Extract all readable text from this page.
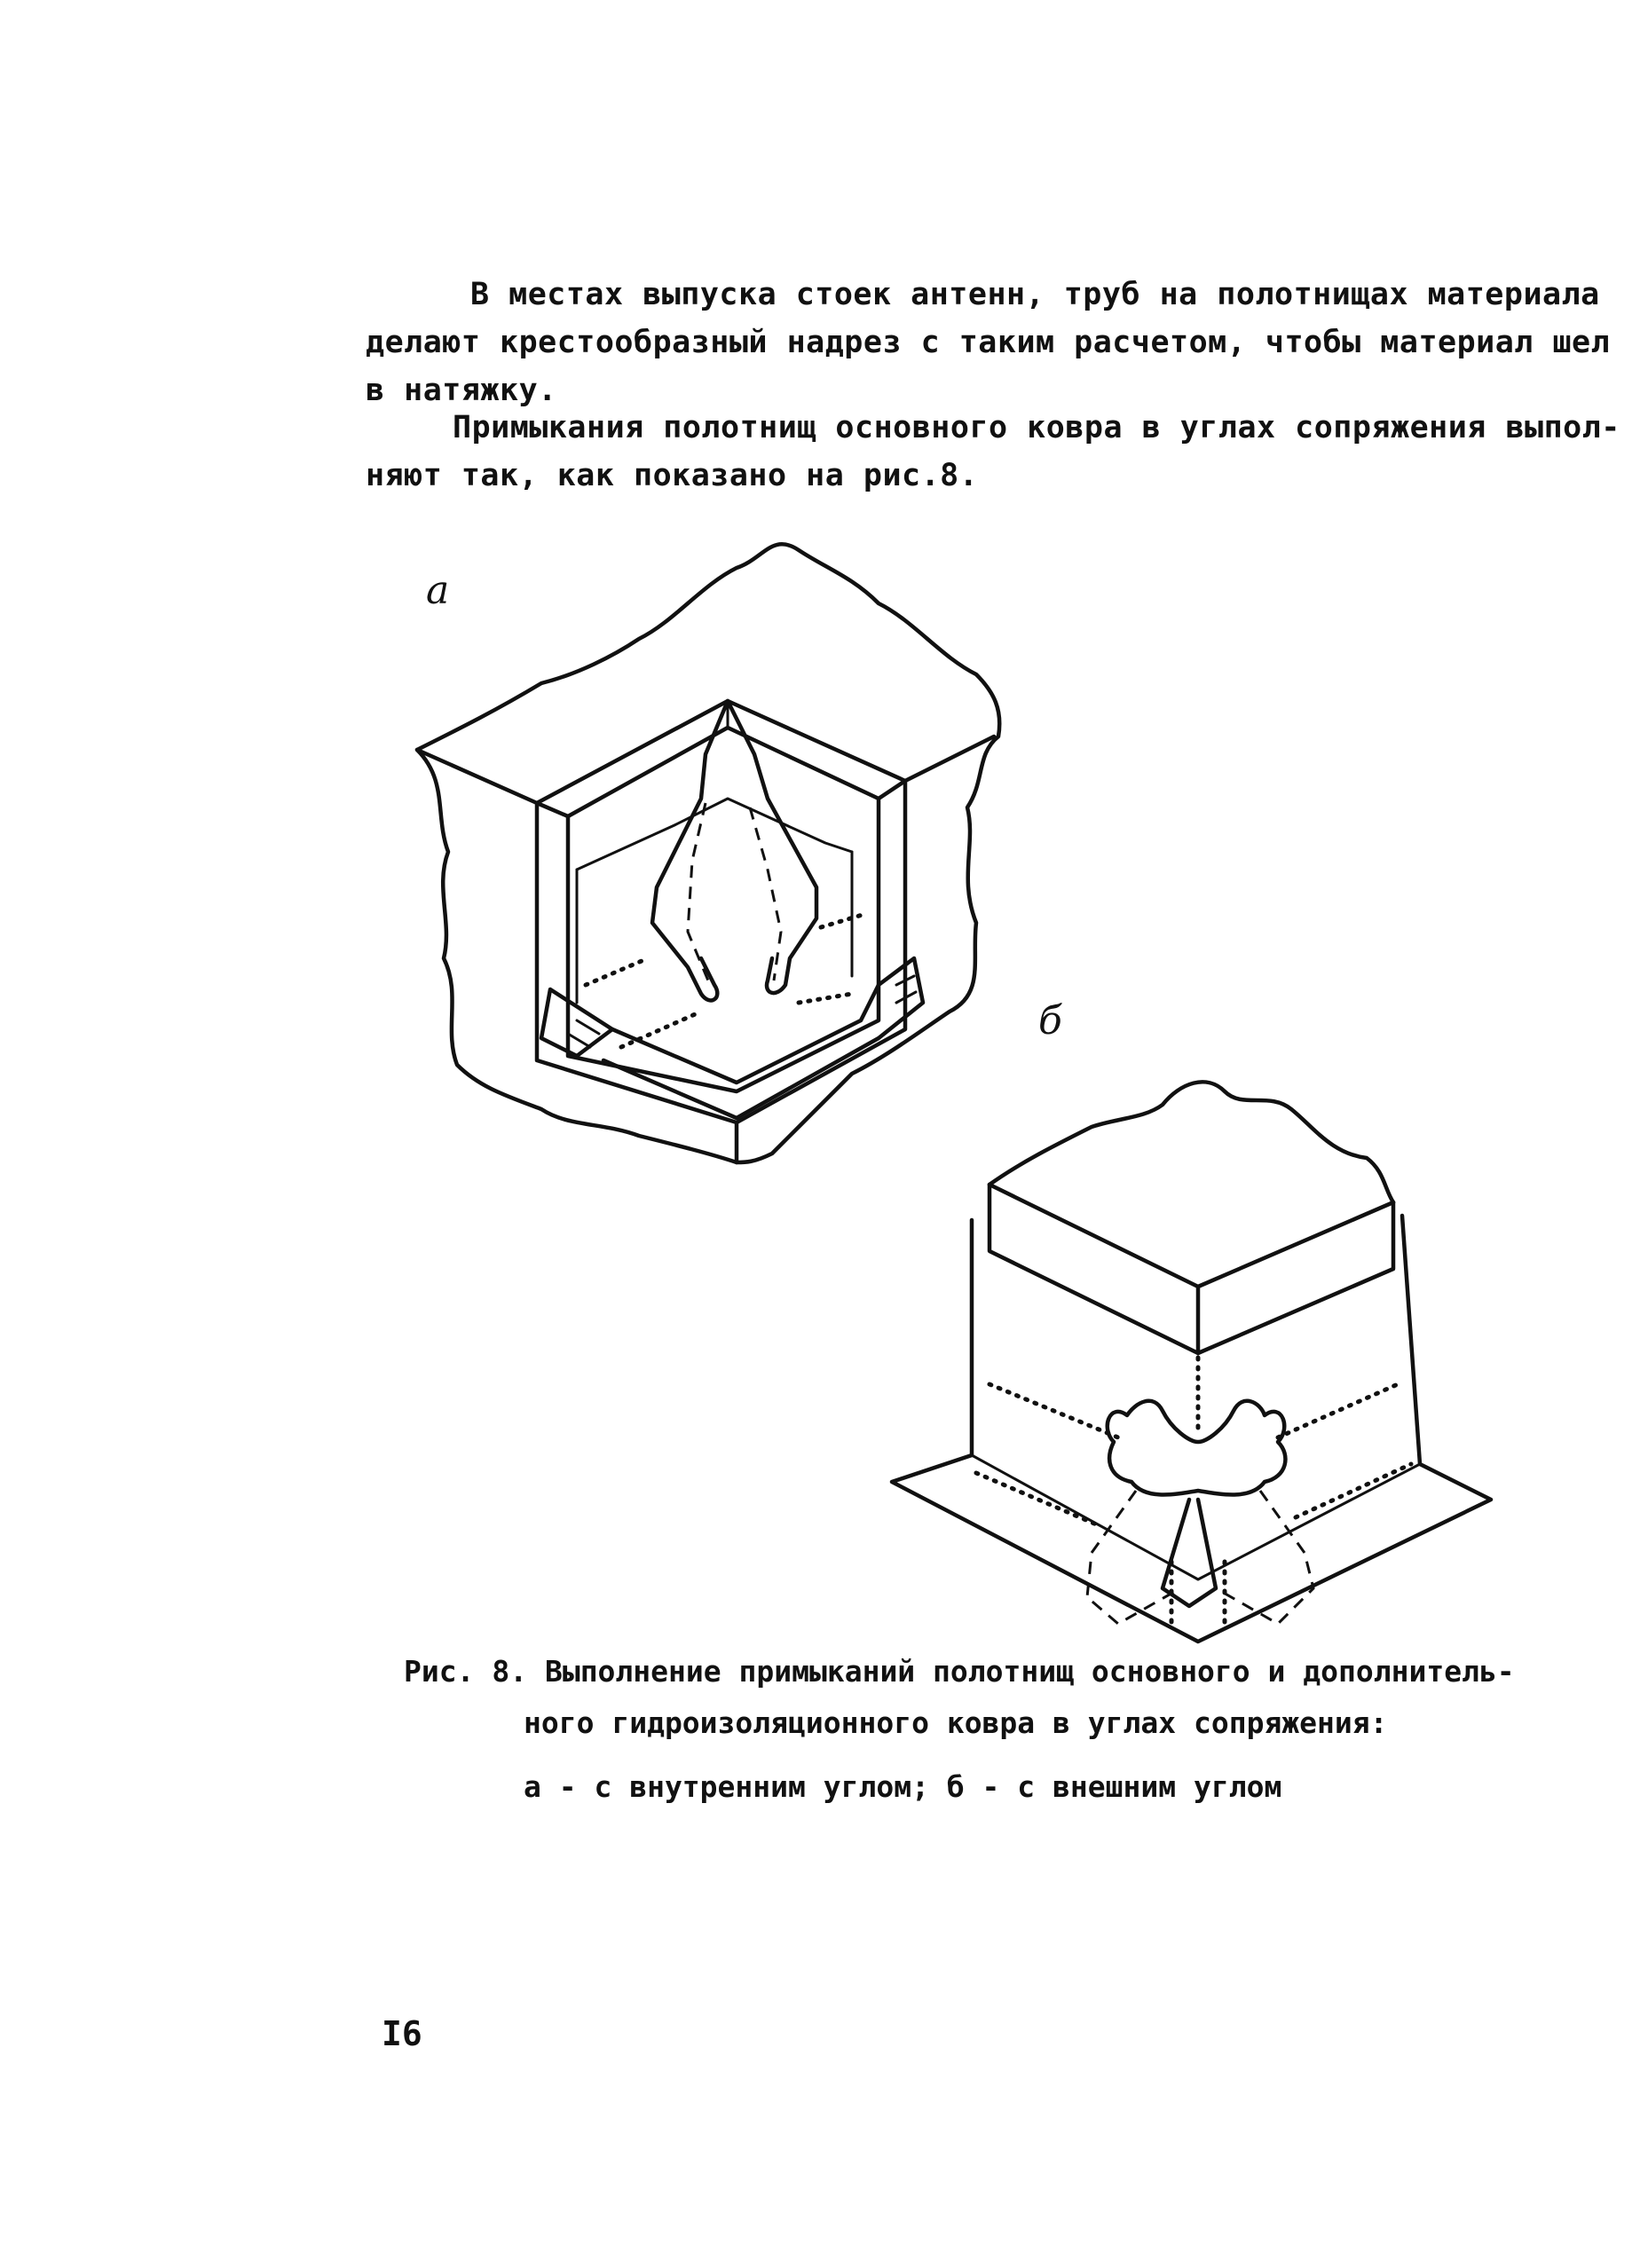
В местах выпуска стоек антенн, труб на полотнищах материала
делают крестообразный надрез с таким расчетом, чтобы материал шел
в натяжку.
Примыкания полотнищ основного ковра в углах сопряжения выпол-
няют так, как показано на рис.8.
а
б
Рис. 8. Выполнение примыканий полотнищ основного и дополнитель-
ного гидроизоляционного ковра в углах сопряжения:
а - с внутренним углом; б - с внешним углом
I6
